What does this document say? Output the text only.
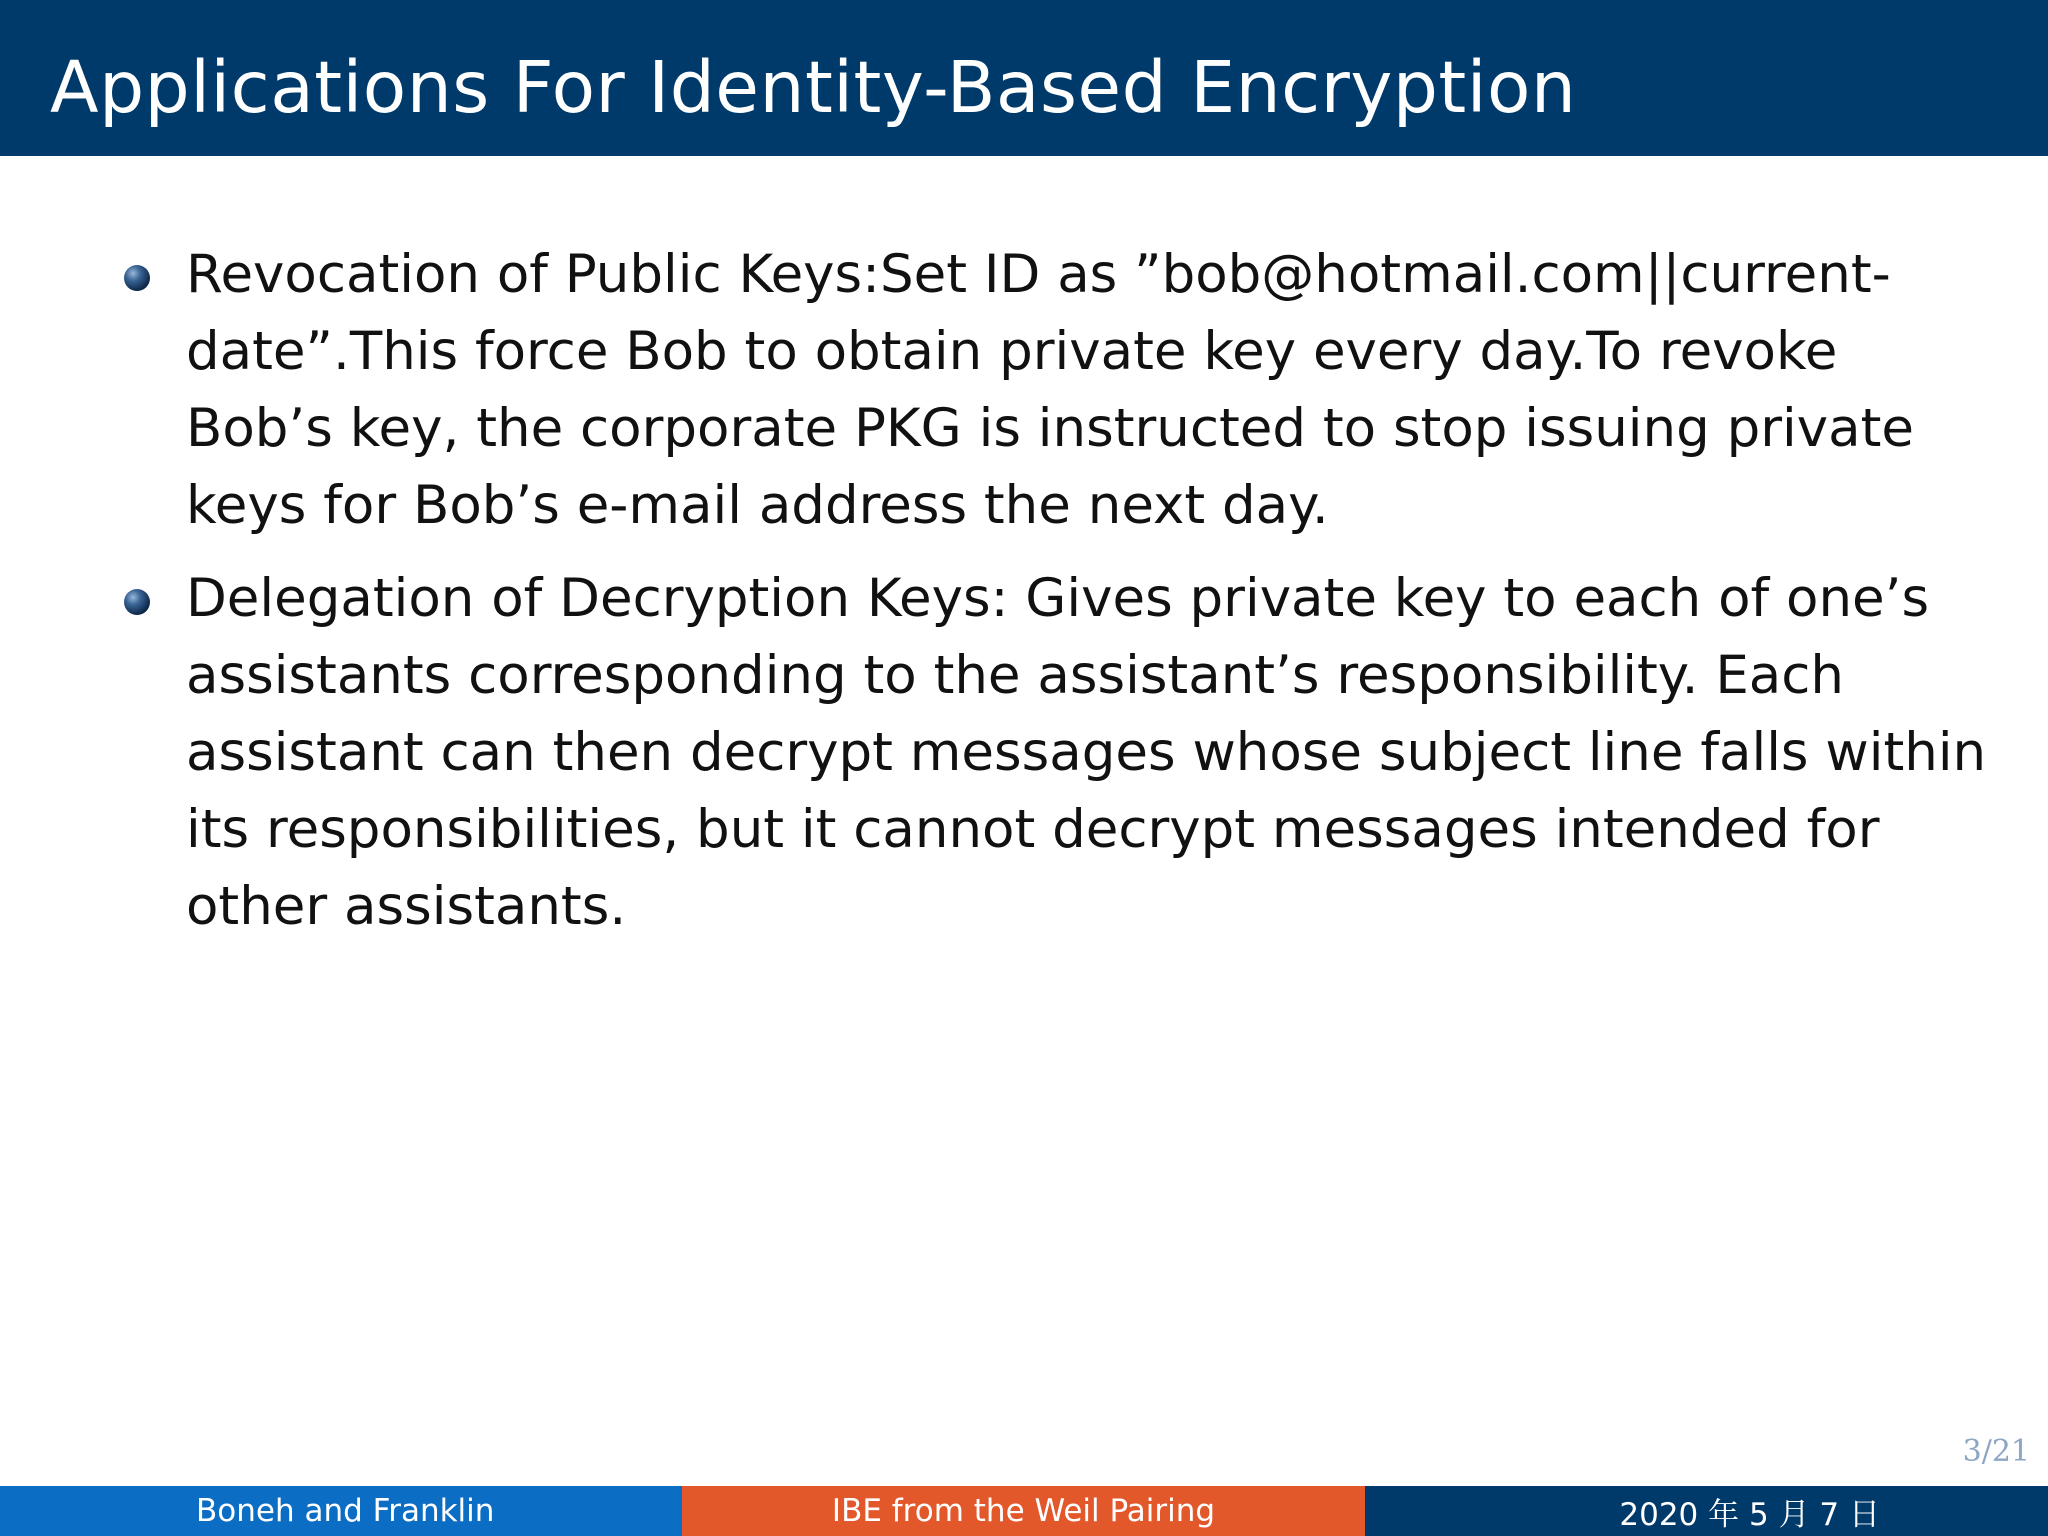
Applications For Identity-Based Encryption
Revocation of Public Keys:Set ID as ”bob@hotmail.com||current-date”.This force Bob to obtain private key every day.To revoke Bob’s key, the corporate PKG is instructed to stop issuing private keys for Bob’s e-mail address the next day.
Delegation of Decryption Keys: Gives private key to each of one’s assistants corresponding to the assistant’s responsibility. Each assistant can then decrypt messages whose subject line falls within its responsibilities, but it cannot decrypt messages intended for other assistants.
3/21
Boneh and Franklin	IBE from the Weil Pairing	2020 年 5 月 7 日
